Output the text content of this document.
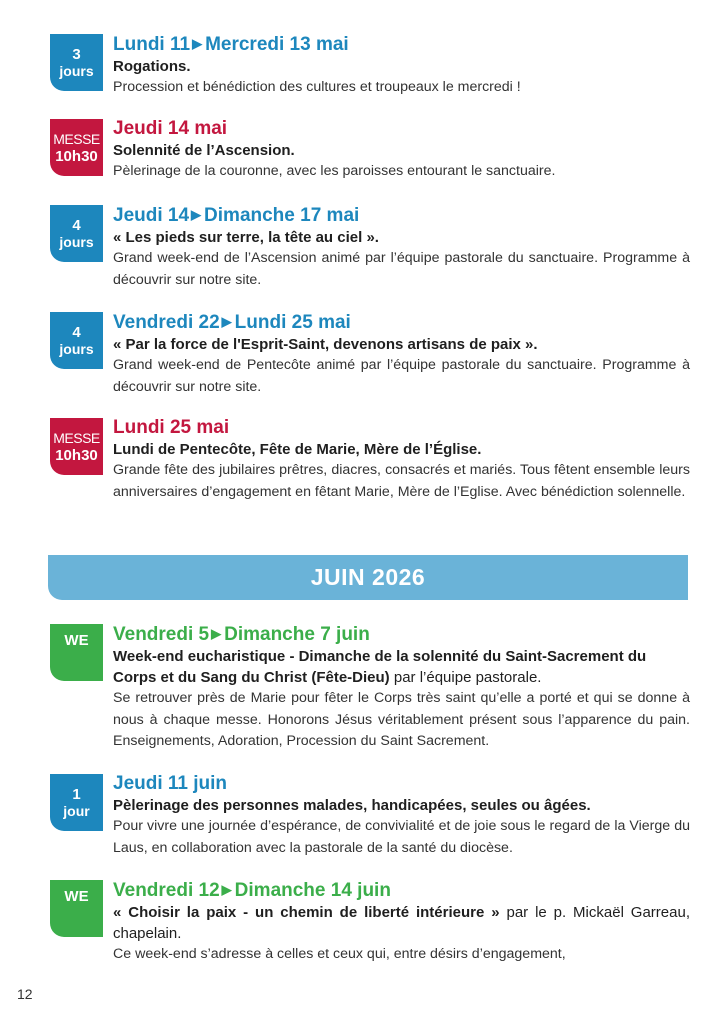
3
jours
Lundi 11 ▶ Mercredi 13 mai
Rogations.
Procession et bénédiction des cultures et troupeaux le mercredi !
MESSE
10h30
Jeudi 14 mai
Solennité de l’Ascension.
Pèlerinage de la couronne, avec les paroisses entourant le sanctuaire.
4
jours
Jeudi 14 ▶ Dimanche 17 mai
« Les pieds sur terre, la tête au ciel ».
Grand week-end de l’Ascension animé par l’équipe pastorale du sanctuaire. Programme à découvrir sur notre site.
4
jours
Vendredi 22 ▶ Lundi 25 mai
« Par la force de l'Esprit-Saint, devenons artisans de paix ».
Grand week-end de Pentecôte animé par l’équipe pastorale du sanctuaire. Programme à découvrir sur notre site.
MESSE
10h30
Lundi 25 mai
Lundi de Pentecôte, Fête de Marie, Mère de l’Église.
Grande fête des jubilaires prêtres, diacres, consacrés et mariés. Tous fêtent ensemble leurs anniversaires d’engagement en fêtant Marie, Mère de l’Eglise. Avec bénédiction solennelle.
JUIN 2026
WE	Vendredi 5 ▶ Dimanche 7 juin
Week-end eucharistique - Dimanche de la solennité du Saint-Sacrement du Corps et du Sang du Christ (Fête-Dieu) par l’équipe pastorale.
Se retrouver près de Marie pour fêter le Corps très saint qu’elle a porté et qui se donne à nous à chaque messe. Honorons Jésus véritablement présent sous l’apparence du pain. Enseignements, Adoration, Procession du Saint Sacrement.
1
jour
Jeudi 11 juin
Pèlerinage des personnes malades, handicapées, seules ou âgées.
Pour vivre une journée d’espérance, de convivialité et de joie sous le regard de la Vierge du Laus, en collaboration avec la pastorale de la santé du diocèse.
WE	Vendredi 12 ▶ Dimanche 14 juin
« Choisir la paix - un chemin de liberté intérieure » par le p. Mickaël Garreau, chapelain.
Ce week-end s’adresse à celles et ceux qui, entre désirs d’engagement,
12
